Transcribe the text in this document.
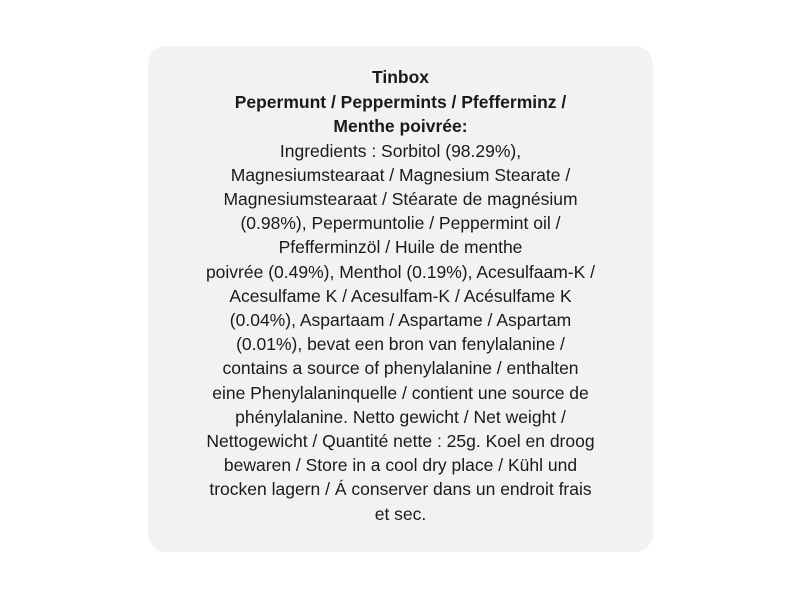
Tinbox
Pepermunt / Peppermints / Pfefferminz /
Menthe poivrée:
Ingredients : Sorbitol (98.29%),
Magnesiumstearaat / Magnesium Stearate /
Magnesiumstearaat / Stéarate de magnésium
(0.98%), Pepermuntolie / Peppermint oil /
Pfefferminzöl / Huile de menthe
poivrée (0.49%), Menthol (0.19%), Acesulfaam-K /
Acesulfame K / Acesulfam-K / Acésulfame K
(0.04%), Aspartaam / Aspartame / Aspartam
(0.01%), bevat een bron van fenylalanine /
contains a source of phenylalanine / enthalten
eine Phenylalaninquelle / contient une source de
phénylalanine. Netto gewicht / Net weight /
Nettogewicht / Quantité nette : 25g. Koel en droog
bewaren / Store in a cool dry place / Kühl und
trocken lagern / Á conserver dans un endroit frais
et sec.
